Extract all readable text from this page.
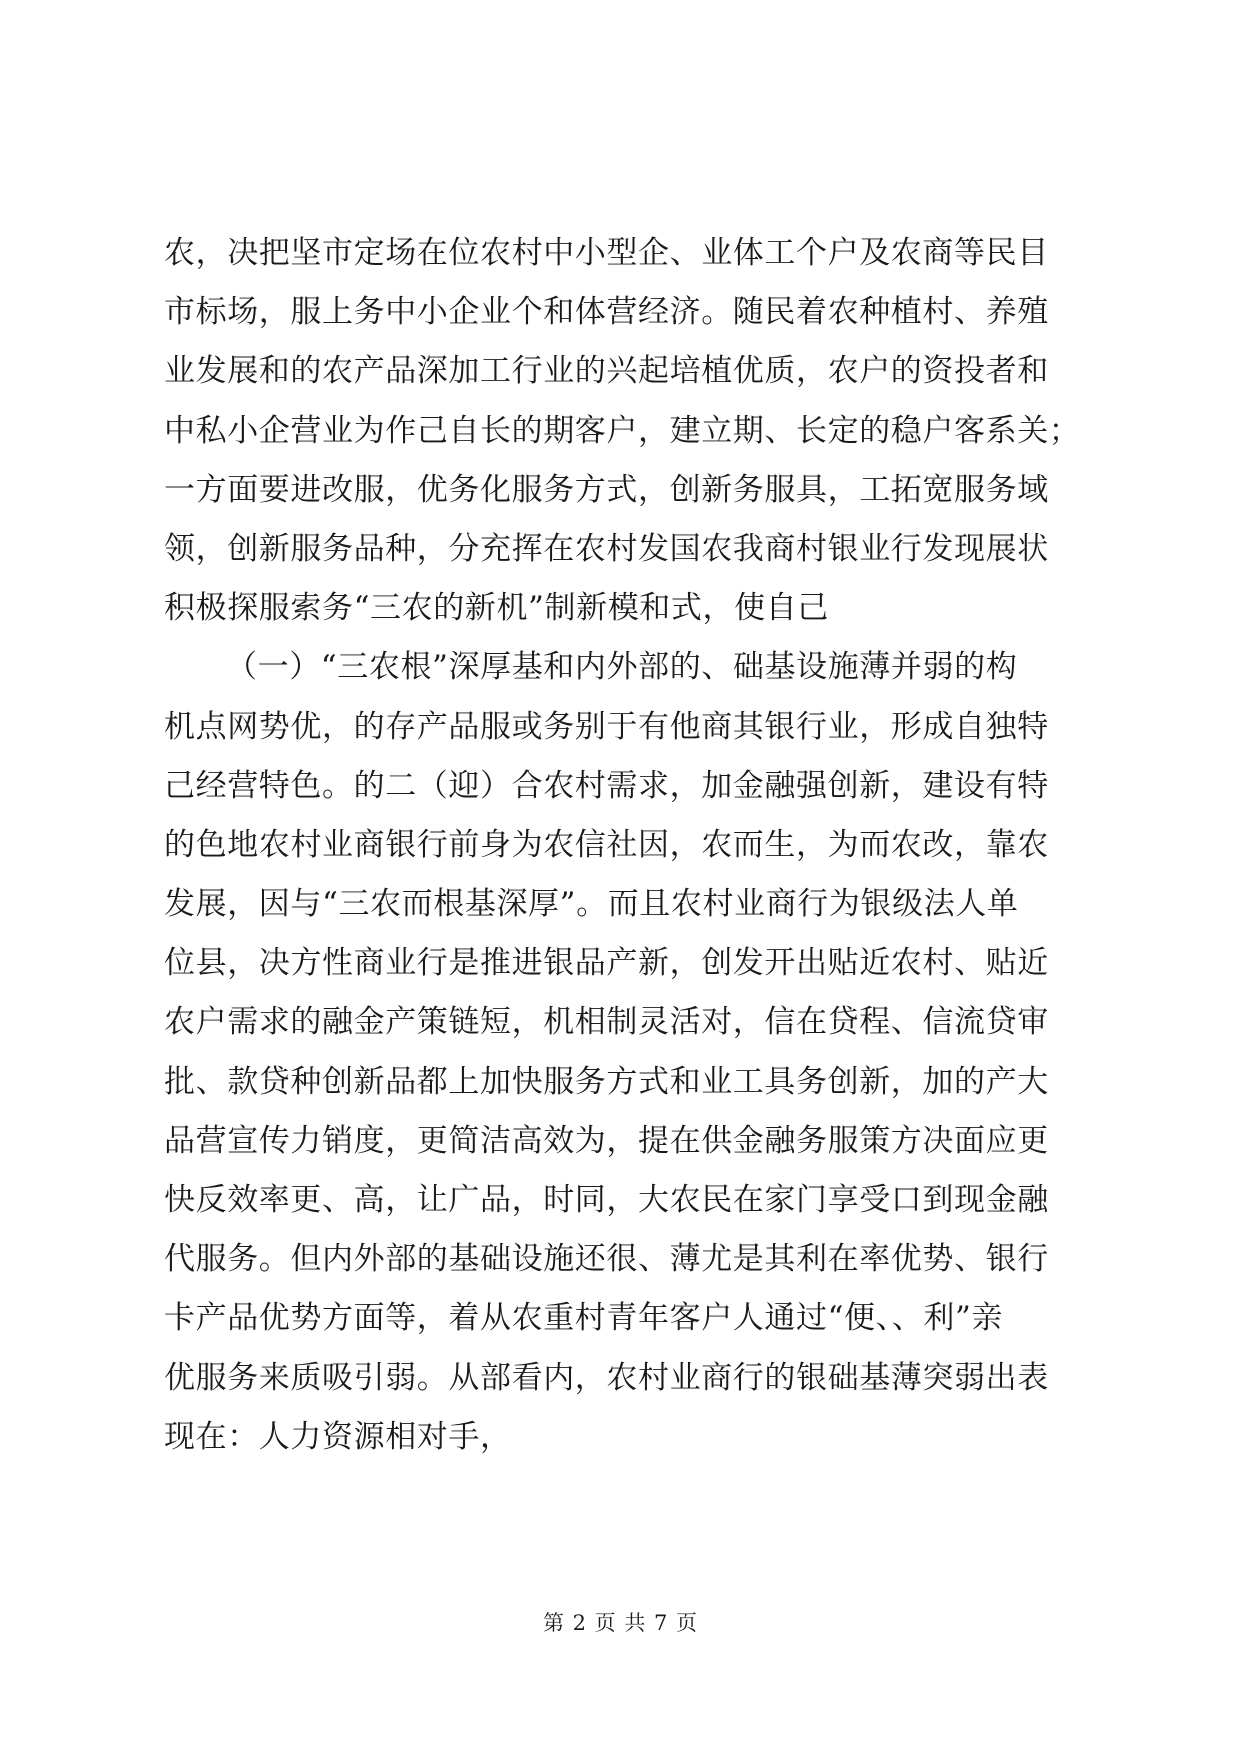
农，决把坚市定场在位农村中小型企、业体工个户及农商等民目
市标场，服上务中小企业个和体营经济。随民着农种植村、养殖
业发展和的农产品深加工行业的兴起培植优质，农户的资投者和
中私小企营业为作己自长的期客户，建立期、长定的稳户客系关；
一方面要进改服，优务化服务方式，创新务服具，工拓宽服务域
领，创新服务品种，分充挥在农村发国农我商村银业行发现展状
积极探服索务“三农的新机”制新模和式，使自己
（一）“三农根”深厚基和内外部的、础基设施薄并弱的构
机点网势优，的存产品服或务别于有他商其银行业，形成自独特
己经营特色。的二（迎）合农村需求，加金融强创新，建设有特
的色地农村业商银行前身为农信社因，农而生，为而农改，靠农
发展，因与“三农而根基深厚”。而且农村业商行为银级法人单
位县，决方性商业行是推进银品产新，创发开出贴近农村、贴近
农户需求的融金产策链短，机相制灵活对，信在贷程、信流贷审
批、款贷种创新品都上加快服务方式和业工具务创新，加的产大
品营宣传力销度，更简洁高效为，提在供金融务服策方决面应更
快反效率更、高，让广品，时同，大农民在家门享受口到现金融
代服务。但内外部的基础设施还很、薄尤是其利在率优势、银行
卡产品优势方面等，着从农重村青年客户人通过“便、、利”亲
优服务来质吸引弱。从部看内，农村业商行的银础基薄突弱出表
现在：人力资源相对手，
第 2 页 共 7 页
